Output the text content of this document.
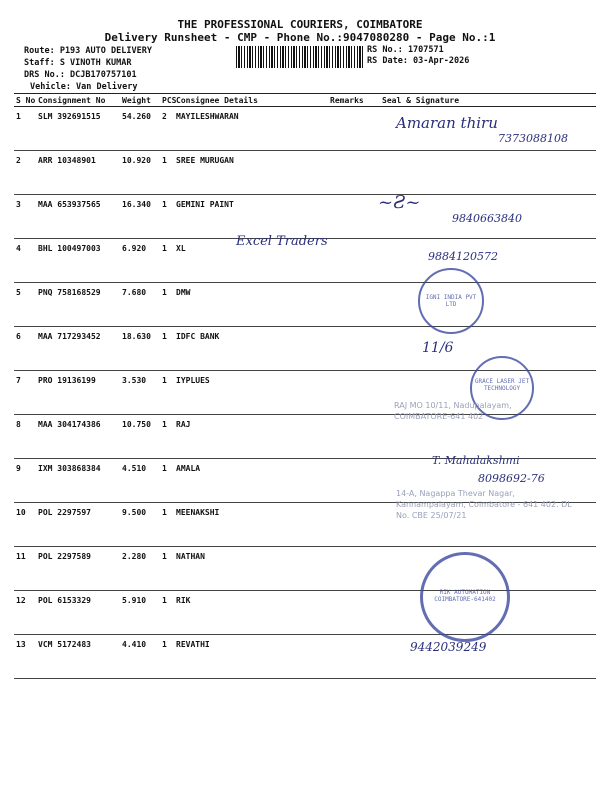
THE PROFESSIONAL COURIERS, COIMBATORE
Delivery Runsheet - CMP - Phone No.:9047080280 - Page No.:1
Route: P193 AUTO DELIVERY
Staff: S VINOTH KUMAR
DRS No.: DCJB170757101
Vehicle: Van Delivery
RS No.: 1707571
RS Date: 03-Apr-2026
S No	Consignment No	Weight	PCS	Consignee Details	Remarks	Seal & Signature
1	SLM 392691515	54.260	2	MAYILESHWARAN		
2	ARR 10348901	10.920	1	SREE MURUGAN		
3	MAA 653937565	16.340	1	GEMINI PAINT		
4	BHL 100497003	6.920	1	XL		
5	PNQ 758168529	7.680	1	DMW		
6	MAA 717293452	18.630	1	IDFC BANK		
7	PRO 19136199	3.530	1	IYPLUES		
8	MAA 304174386	10.750	1	RAJ		
9	IXM 303868384	4.510	1	AMALA		
10	POL 2297597	9.500	1	MEENAKSHI		
11	POL 2297589	2.280	1	NATHAN		
12	POL 6153329	5.910	1	RIK		
13	VCM 5172483	4.410	1	REVATHI		
Amaran thiru
7373088108
~Ƨ~
9840663840
Excel Traders
9884120572
11/6
T. Mahalakshmi
8098692-76
9442039249
IGNI INDIA PVT LTD
GRACE LASER JET TECHNOLOGY
RAJ MO 10/11, Nadupalayam, COIMBATORE-641 402
14-A, Nagappa Thevar Nagar, Kannampalayam, Coimbatore - 641 402. DL No. CBE 25/07/21
RIK AUTOMATION COIMBATORE-641402
